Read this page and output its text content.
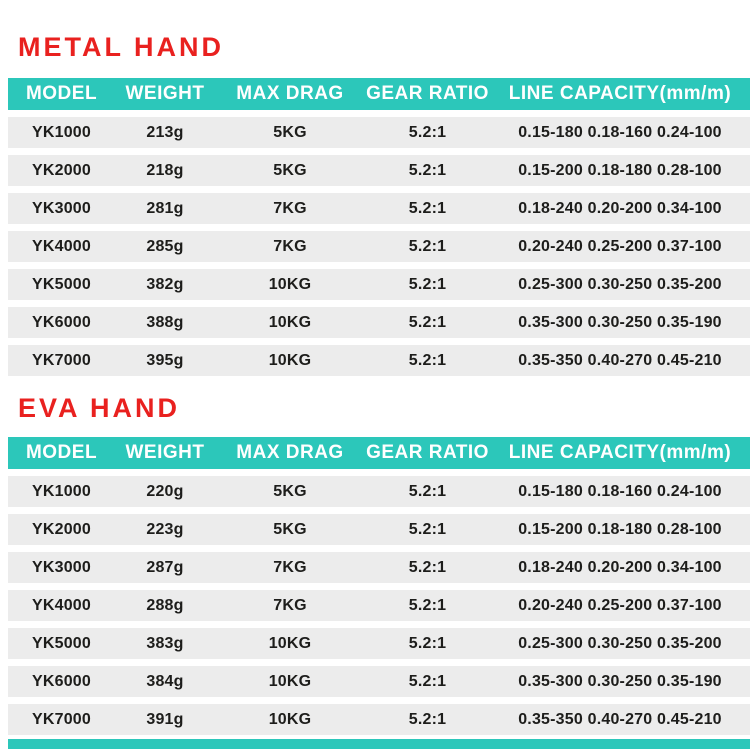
METAL HAND
MODEL	WEIGHT	MAX DRAG	GEAR RATIO	LINE CAPACITY(mm/m)
YK1000	213g	5KG	5.2:1	0.15-180 0.18-160 0.24-100
YK2000	218g	5KG	5.2:1	0.15-200 0.18-180 0.28-100
YK3000	281g	7KG	5.2:1	0.18-240 0.20-200 0.34-100
YK4000	285g	7KG	5.2:1	0.20-240 0.25-200 0.37-100
YK5000	382g	10KG	5.2:1	0.25-300 0.30-250 0.35-200
YK6000	388g	10KG	5.2:1	0.35-300 0.30-250 0.35-190
YK7000	395g	10KG	5.2:1	0.35-350 0.40-270 0.45-210
EVA HAND
MODEL	WEIGHT	MAX DRAG	GEAR RATIO	LINE CAPACITY(mm/m)
YK1000	220g	5KG	5.2:1	0.15-180 0.18-160 0.24-100
YK2000	223g	5KG	5.2:1	0.15-200 0.18-180 0.28-100
YK3000	287g	7KG	5.2:1	0.18-240 0.20-200 0.34-100
YK4000	288g	7KG	5.2:1	0.20-240 0.25-200 0.37-100
YK5000	383g	10KG	5.2:1	0.25-300 0.30-250 0.35-200
YK6000	384g	10KG	5.2:1	0.35-300 0.30-250 0.35-190
YK7000	391g	10KG	5.2:1	0.35-350 0.40-270 0.45-210
